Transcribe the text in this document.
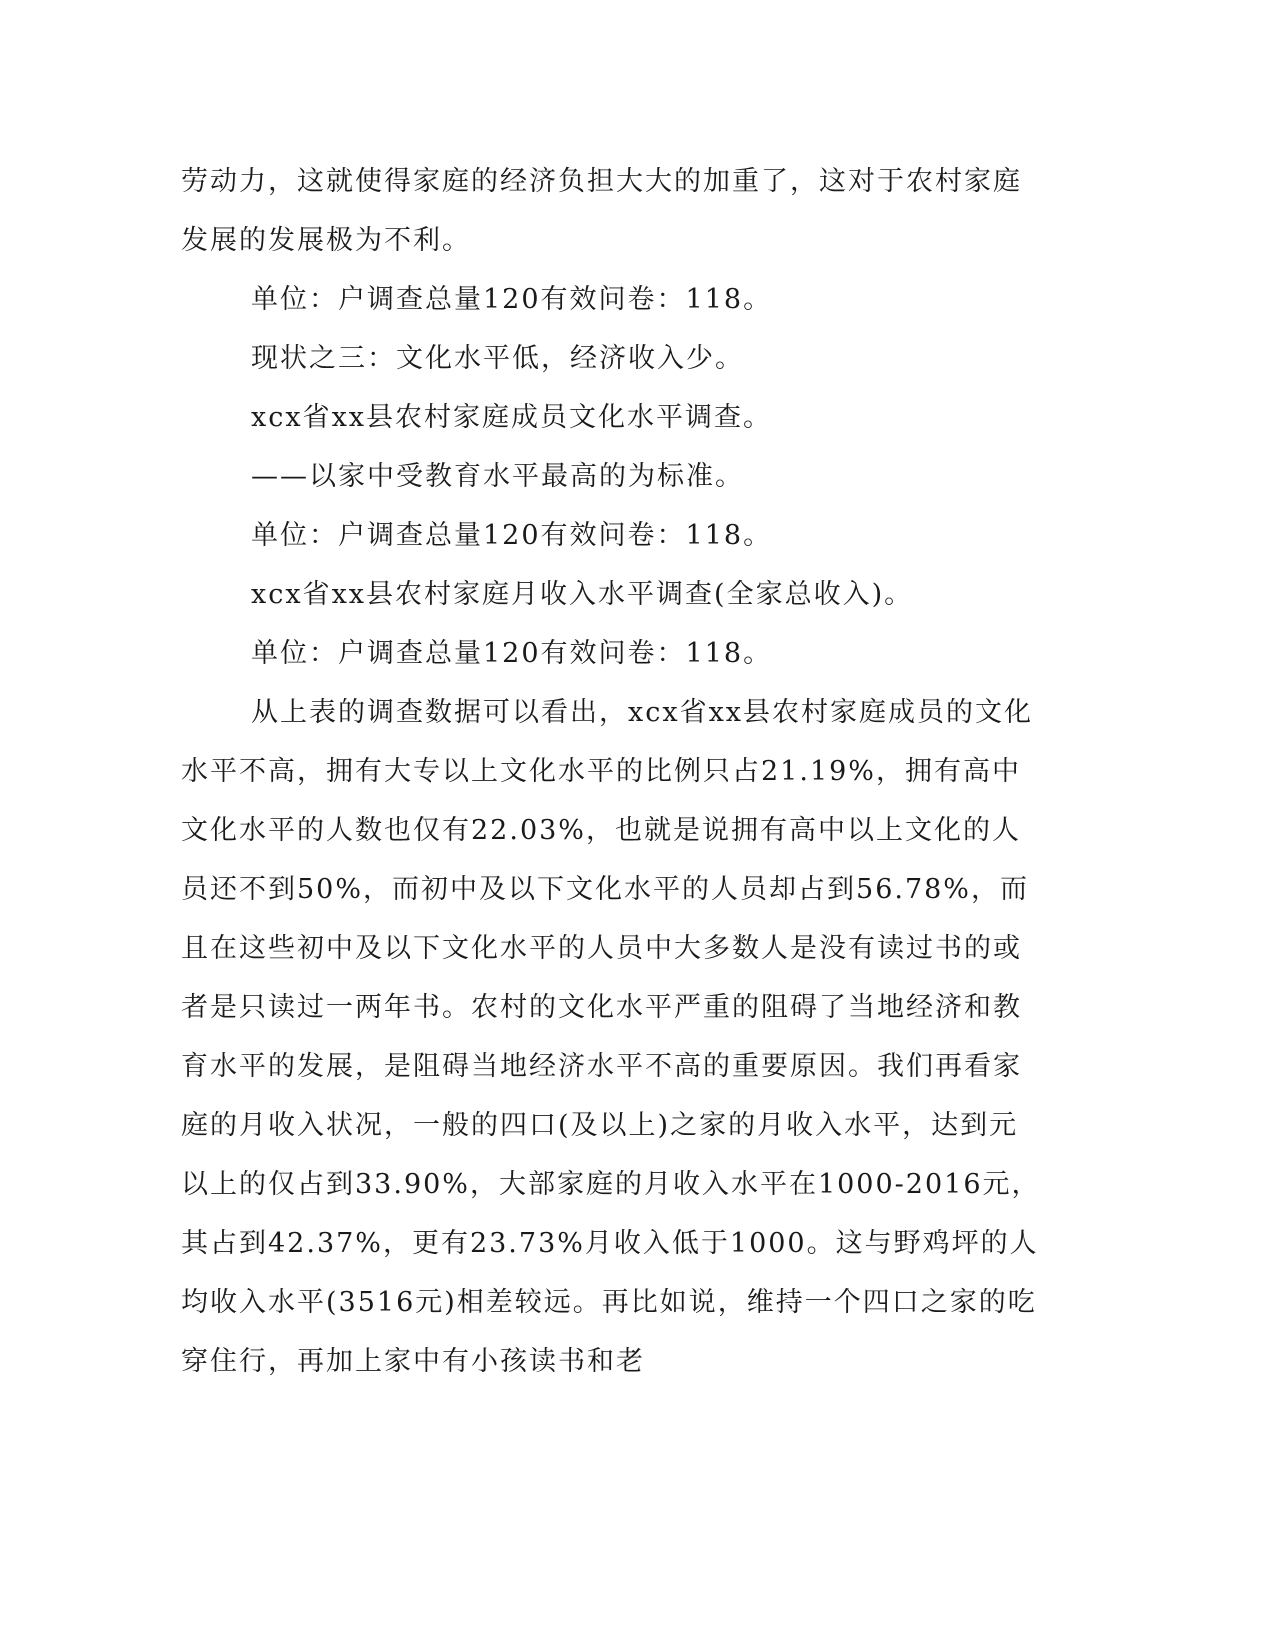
劳动力，这就使得家庭的经济负担大大的加重了，这对于农村家庭发展的发展极为不利。

单位：户调查总量120有效问卷：118。

现状之三：文化水平低，经济收入少。

xcx省xx县农村家庭成员文化水平调查。

——以家中受教育水平最高的为标准。

单位：户调查总量120有效问卷：118。

xcx省xx县农村家庭月收入水平调查(全家总收入)。

单位：户调查总量120有效问卷：118。

从上表的调查数据可以看出，xcx省xx县农村家庭成员的文化水平不高，拥有大专以上文化水平的比例只占21.19%，拥有高中文化水平的人数也仅有22.03%，也就是说拥有高中以上文化的人员还不到50%，而初中及以下文化水平的人员却占到56.78%，而且在这些初中及以下文化水平的人员中大多数人是没有读过书的或者是只读过一两年书。农村的文化水平严重的阻碍了当地经济和教育水平的发展，是阻碍当地经济水平不高的重要原因。我们再看家庭的月收入状况，一般的四口(及以上)之家的月收入水平，达到元以上的仅占到33.90%，大部家庭的月收入水平在1000-2016元，其占到42.37%，更有23.73%月收入低于1000。这与野鸡坪的人均收入水平(3516元)相差较远。再比如说，维持一个四口之家的吃穿住行，再加上家中有小孩读书和老
